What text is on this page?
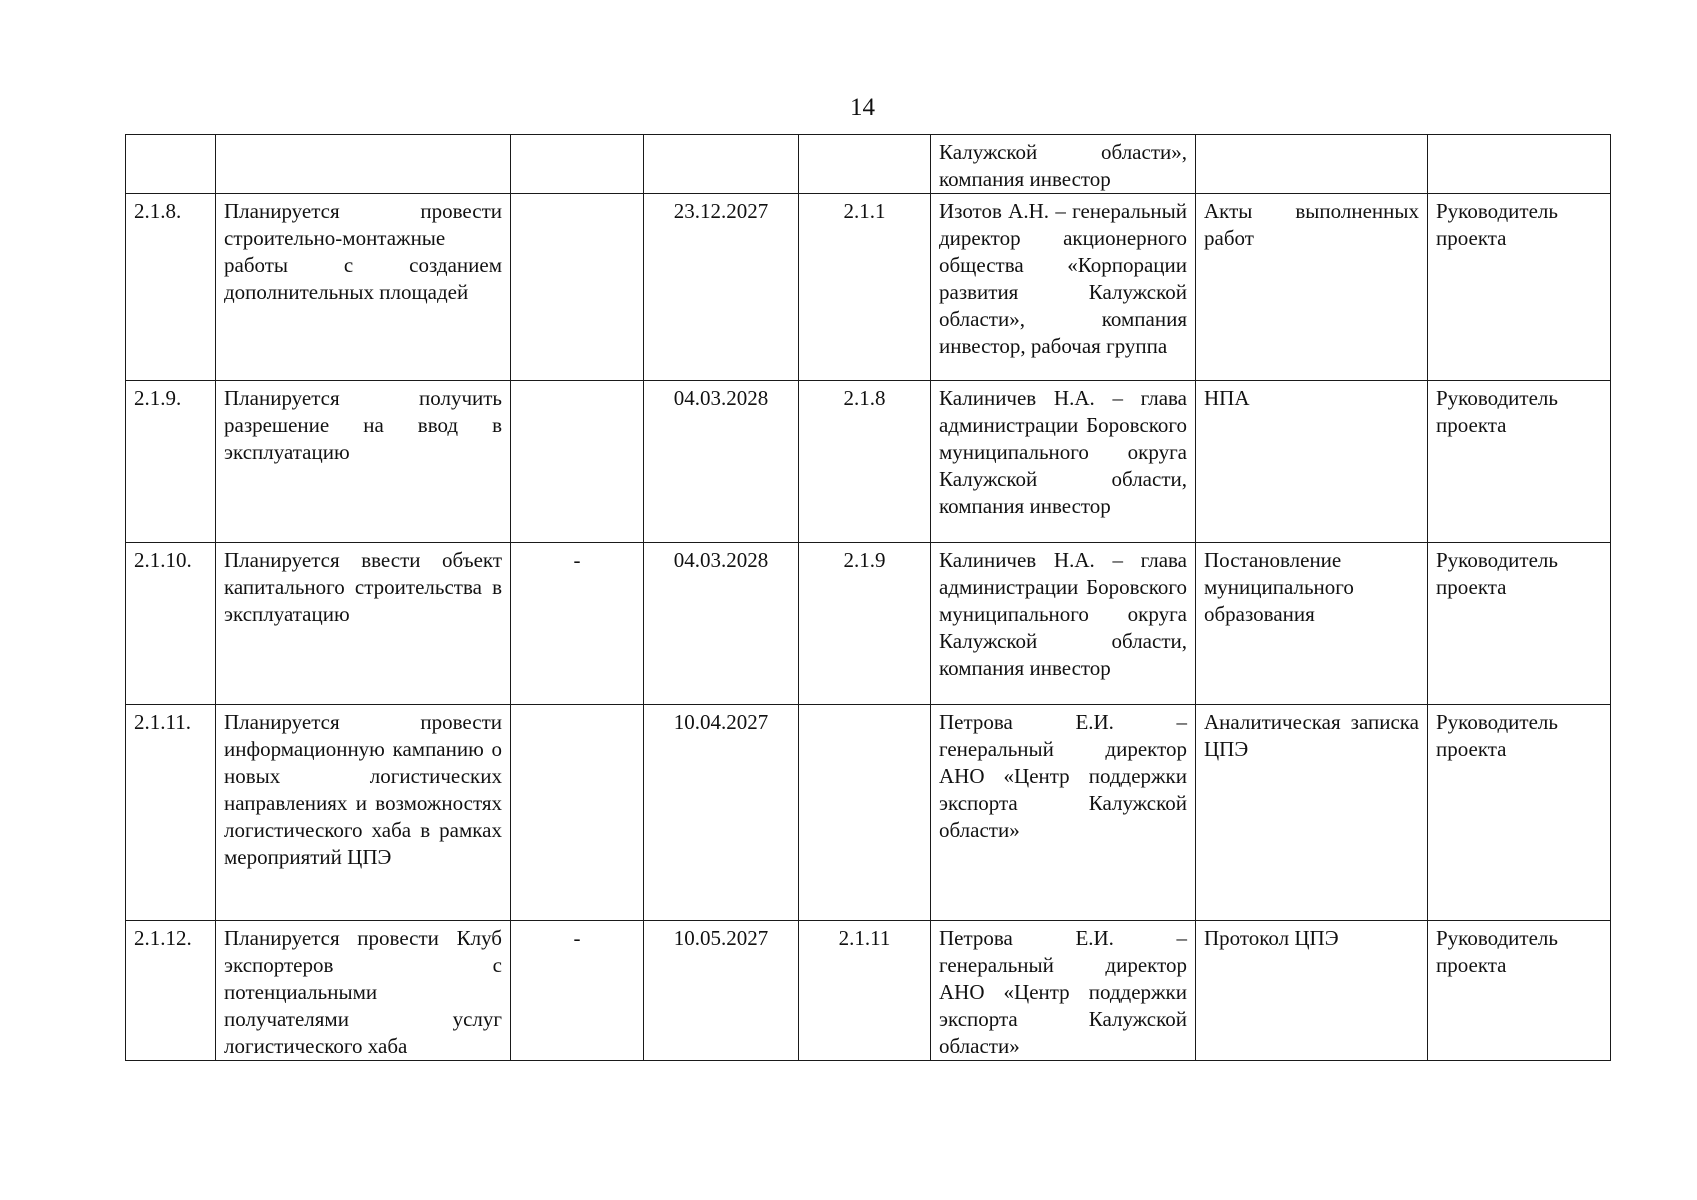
14
					Калужской области», компания инвестор		
2.1.8.	Планируется провести строительно-монтажные работы с созданием дополнительных площадей		23.12.2027	2.1.1	Изотов А.Н. – генеральный директор акционерного общества «Корпорации развития Калужской области», компания инвестор, рабочая группа	Акты выполненных работ	Руководитель проекта
2.1.9.	Планируется получить разрешение на ввод в эксплуатацию		04.03.2028	2.1.8	Калиничев Н.А. – глава администрации Боровского муниципального округа Калужской области, компания инвестор	НПА	Руководитель проекта
2.1.10.	Планируется ввести объект капитального строительства в эксплуатацию	-	04.03.2028	2.1.9	Калиничев Н.А. – глава администрации Боровского муниципального округа Калужской области, компания инвестор	Постановление муниципального образования	Руководитель проекта
2.1.11.	Планируется провести информационную кампанию о новых логистических направлениях и возможностях логистического хаба в рамках мероприятий ЦПЭ		10.04.2027		Петрова Е.И. – генеральный директор АНО «Центр поддержки экспорта Калужской области»	Аналитическая записка ЦПЭ	Руководитель проекта
2.1.12.	Планируется провести Клуб экспортеров с потенциальными получателями услуг логистического хаба	-	10.05.2027	2.1.11	Петрова Е.И. – генеральный директор АНО «Центр поддержки экспорта Калужской области»	Протокол ЦПЭ	Руководитель проекта
